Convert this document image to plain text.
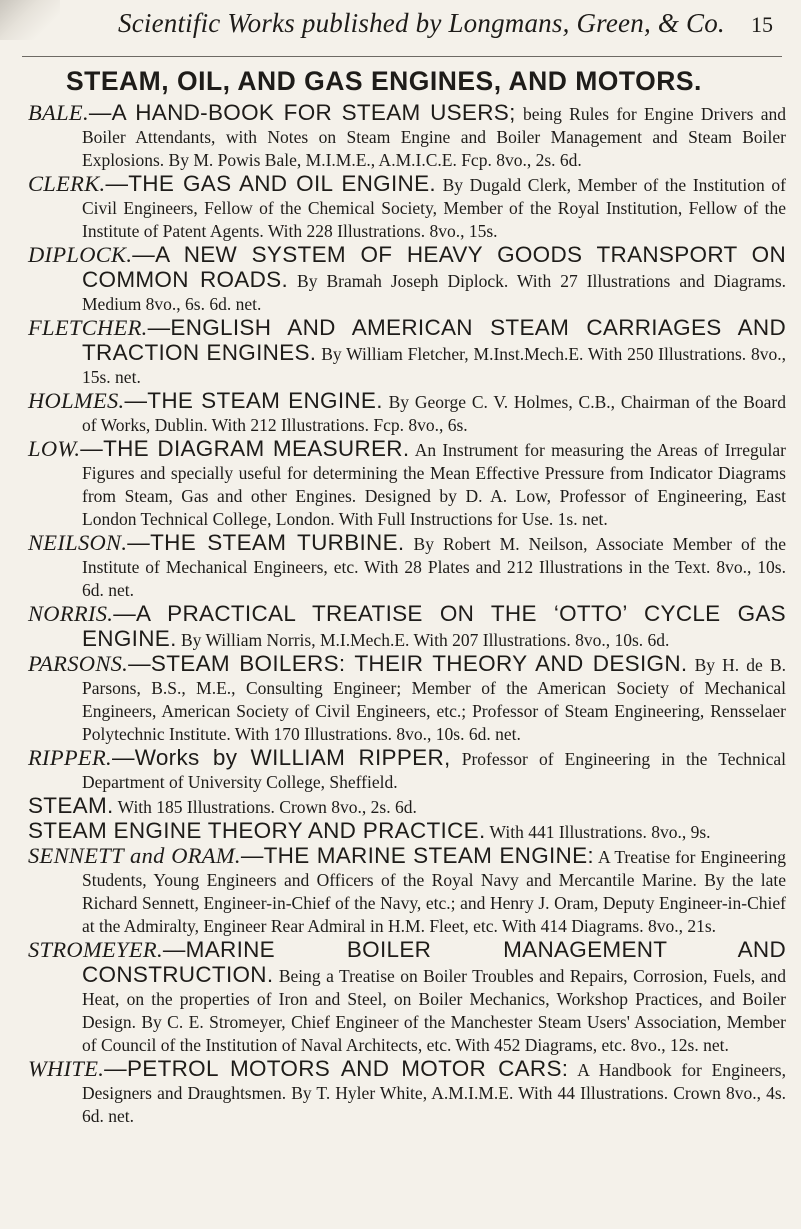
Scientific Works published by Longmans, Green, & Co.	15
STEAM, OIL, AND GAS ENGINES, AND MOTORS.

BALE.—A HAND-BOOK FOR STEAM USERS; being Rules for Engine Drivers and Boiler Attendants, with Notes on Steam Engine and Boiler Management and Steam Boiler Explosions. By M. Powis Bale, M.I.M.E., A.M.I.C.E. Fcp. 8vo., 2s. 6d.

CLERK.—THE GAS AND OIL ENGINE. By Dugald Clerk, Member of the Institution of Civil Engineers, Fellow of the Chemical Society, Member of the Royal Institution, Fellow of the Institute of Patent Agents. With 228 Illustrations. 8vo., 15s.

DIPLOCK.—A NEW SYSTEM OF HEAVY GOODS TRANSPORT ON COMMON ROADS. By Bramah Joseph Diplock. With 27 Illustrations and Diagrams. Medium 8vo., 6s. 6d. net.

FLETCHER.—ENGLISH AND AMERICAN STEAM CARRIAGES AND TRACTION ENGINES. By William Fletcher, M.Inst.Mech.E. With 250 Illustrations. 8vo., 15s. net.

HOLMES.—THE STEAM ENGINE. By George C. V. Holmes, C.B., Chairman of the Board of Works, Dublin. With 212 Illustrations. Fcp. 8vo., 6s.

LOW.—THE DIAGRAM MEASURER. An Instrument for measuring the Areas of Irregular Figures and specially useful for determining the Mean Effective Pressure from Indicator Diagrams from Steam, Gas and other Engines. Designed by D. A. Low, Professor of Engineering, East London Technical College, London. With Full Instructions for Use. 1s. net.

NEILSON.—THE STEAM TURBINE. By Robert M. Neilson, Associate Member of the Institute of Mechanical Engineers, etc. With 28 Plates and 212 Illustrations in the Text. 8vo., 10s. 6d. net.

NORRIS.—A PRACTICAL TREATISE ON THE ‘OTTO’ CYCLE GAS ENGINE. By William Norris, M.I.Mech.E. With 207 Illustrations. 8vo., 10s. 6d.

PARSONS.—STEAM BOILERS: THEIR THEORY AND DESIGN. By H. de B. Parsons, B.S., M.E., Consulting Engineer; Member of the American Society of Mechanical Engineers, American Society of Civil Engineers, etc.; Professor of Steam Engineering, Rensselaer Polytechnic Institute. With 170 Illustrations. 8vo., 10s. 6d. net.

RIPPER.—Works by WILLIAM RIPPER, Professor of Engineering in the Technical Department of University College, Sheffield.

STEAM. With 185 Illustrations. Crown 8vo., 2s. 6d.

STEAM ENGINE THEORY AND PRACTICE. With 441 Illustrations. 8vo., 9s.

SENNETT and ORAM.—THE MARINE STEAM ENGINE: A Treatise for Engineering Students, Young Engineers and Officers of the Royal Navy and Mercantile Marine. By the late Richard Sennett, Engineer-in-Chief of the Navy, etc.; and Henry J. Oram, Deputy Engineer-in-Chief at the Admiralty, Engineer Rear Admiral in H.M. Fleet, etc. With 414 Diagrams. 8vo., 21s.

STROMEYER.—MARINE BOILER MANAGEMENT AND CONSTRUCTION. Being a Treatise on Boiler Troubles and Repairs, Corrosion, Fuels, and Heat, on the properties of Iron and Steel, on Boiler Mechanics, Workshop Practices, and Boiler Design. By C. E. Stromeyer, Chief Engineer of the Manchester Steam Users' Association, Member of Council of the Institution of Naval Architects, etc. With 452 Diagrams, etc. 8vo., 12s. net.

WHITE.—PETROL MOTORS AND MOTOR CARS: A Handbook for Engineers, Designers and Draughtsmen. By T. Hyler White, A.M.I.M.E. With 44 Illustrations. Crown 8vo., 4s. 6d. net.
